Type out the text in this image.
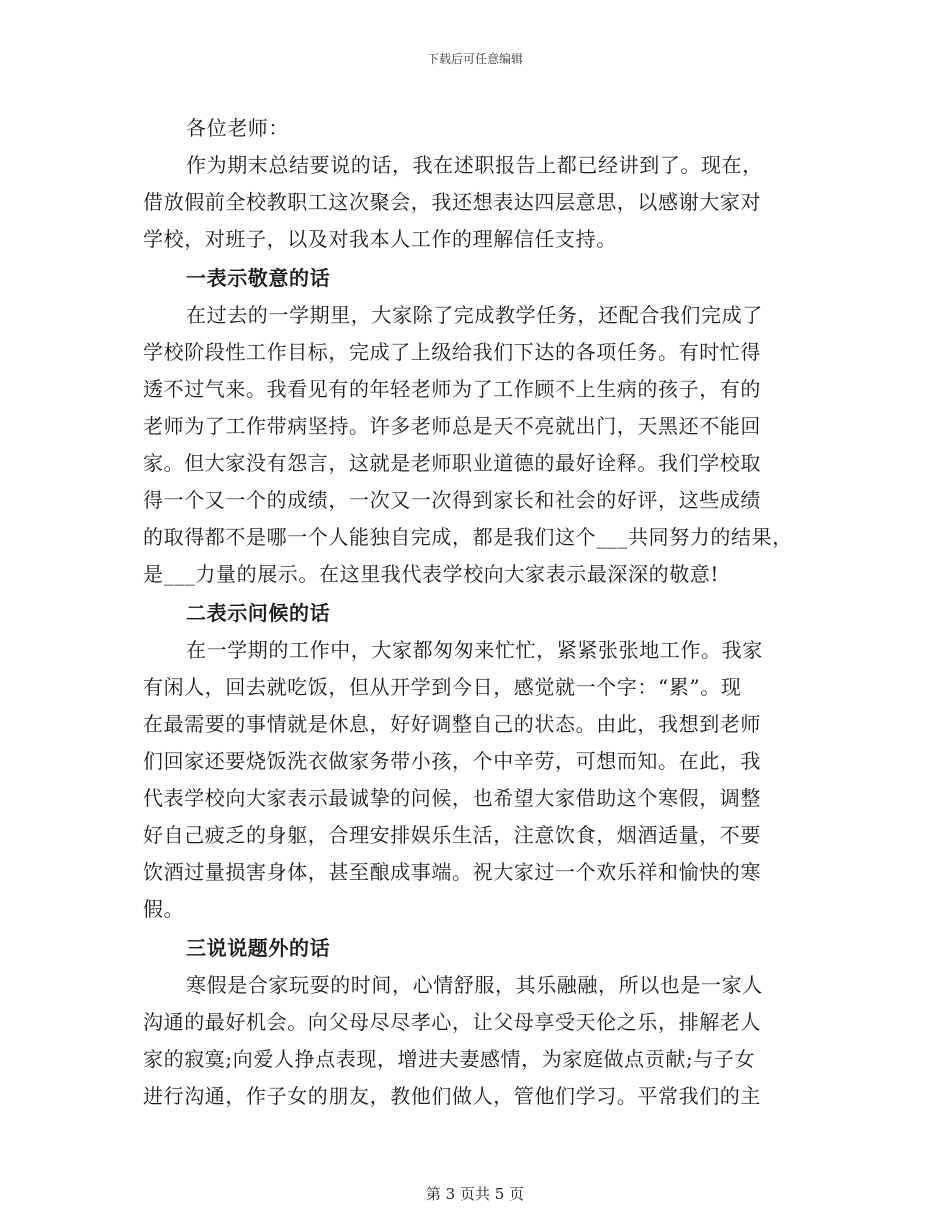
下载后可任意编辑
各位老师：
作为期末总结要说的话，我在述职报告上都已经讲到了。现在，
借放假前全校教职工这次聚会，我还想表达四层意思，以感谢大家对
学校，对班子，以及对我本人工作的理解信任支持。
一表示敬意的话
在过去的一学期里，大家除了完成教学任务，还配合我们完成了
学校阶段性工作目标，完成了上级给我们下达的各项任务。有时忙得
透不过气来。我看见有的年轻老师为了工作顾不上生病的孩子，有的
老师为了工作带病坚持。许多老师总是天不亮就出门，天黑还不能回
家。但大家没有怨言，这就是老师职业道德的最好诠释。我们学校取
得一个又一个的成绩，一次又一次得到家长和社会的好评，这些成绩
的取得都不是哪一个人能独自完成，都是我们这个___共同努力的结果，
是___力量的展示。在这里我代表学校向大家表示最深深的敬意!
二表示问候的话
在一学期的工作中，大家都匆匆来忙忙，紧紧张张地工作。我家
有闲人，回去就吃饭，但从开学到今日，感觉就一个字：“累”。现
在最需要的事情就是休息，好好调整自己的状态。由此，我想到老师
们回家还要烧饭洗衣做家务带小孩，个中辛劳，可想而知。在此，我
代表学校向大家表示最诚挚的问候，也希望大家借助这个寒假，调整
好自己疲乏的身躯，合理安排娱乐生活，注意饮食，烟酒适量，不要
饮酒过量损害身体，甚至酿成事端。祝大家过一个欢乐祥和愉快的寒
假。
三说说题外的话
寒假是合家玩耍的时间，心情舒服，其乐融融，所以也是一家人
沟通的最好机会。向父母尽尽孝心，让父母享受天伦之乐，排解老人
家的寂寞;向爱人挣点表现，增进夫妻感情，为家庭做点贡献;与子女
进行沟通，作子女的朋友，教他们做人，管他们学习。平常我们的主
第 3 页共 5 页
